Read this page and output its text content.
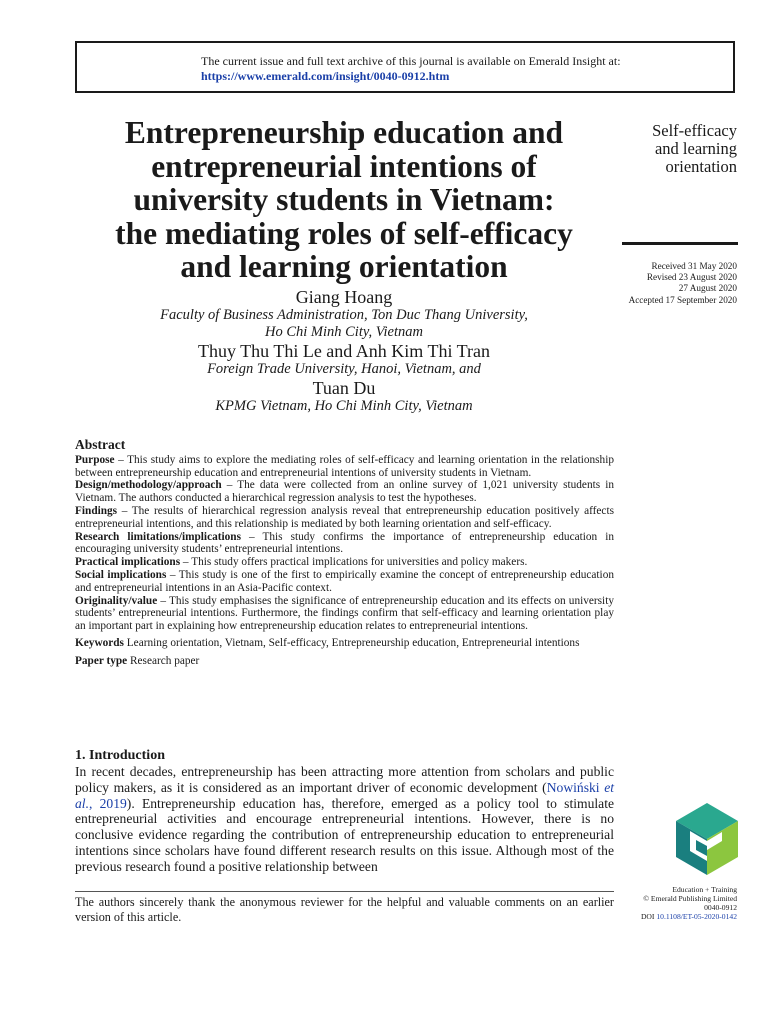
The current issue and full text archive of this journal is available on Emerald Insight at:
https://www.emerald.com/insight/0040-0912.htm
Self-efficacy
and learning
orientation
Received 31 May 2020
Revised 23 August 2020
27 August 2020
Accepted 17 September 2020
Entrepreneurship education and
entrepreneurial intentions of
university students in Vietnam:
the mediating roles of self-efficacy
and learning orientation
Giang Hoang
Faculty of Business Administration, Ton Duc Thang University,
Ho Chi Minh City, Vietnam
Thuy Thu Thi Le and Anh Kim Thi Tran
Foreign Trade University, Hanoi, Vietnam, and
Tuan Du
KPMG Vietnam, Ho Chi Minh City, Vietnam
Abstract

Purpose – This study aims to explore the mediating roles of self-efficacy and learning orientation in the relationship between entrepreneurship education and entrepreneurial intentions of university students in Vietnam.

Design/methodology/approach – The data were collected from an online survey of 1,021 university students in Vietnam. The authors conducted a hierarchical regression analysis to test the hypotheses.

Findings – The results of hierarchical regression analysis reveal that entrepreneurship education positively affects entrepreneurial intentions, and this relationship is mediated by both learning orientation and self-efficacy.

Research limitations/implications – This study confirms the importance of entrepreneurship education in encouraging university students’ entrepreneurial intentions.

Practical implications – This study offers practical implications for universities and policy makers.

Social implications – This study is one of the first to empirically examine the concept of entrepreneurship education and entrepreneurial intentions in an Asia-Pacific context.

Originality/value – This study emphasises the significance of entrepreneurship education and its effects on university students’ entrepreneurial intentions. Furthermore, the findings confirm that self-efficacy and learning orientation play an important part in explaining how entrepreneurship education relates to entrepreneurial intentions.

Keywords Learning orientation, Vietnam, Self-efficacy, Entrepreneurship education, Entrepreneurial intentions
Paper type Research paper
1. Introduction

In recent decades, entrepreneurship has been attracting more attention from scholars and public policy makers, as it is considered as an important driver of economic development (Nowiński et al., 2019). Entrepreneurship education has, therefore, emerged as a policy tool to stimulate entrepreneurial activities and encourage entrepreneurial intentions. However, there is no conclusive evidence regarding the contribution of entrepreneurship education to entrepreneurial intentions since scholars have found different research results on this issue. Although most of the previous research found a positive relationship between

The authors sincerely thank the anonymous reviewer for the helpful and valuable comments on an earlier version of this article.
Education + Training
© Emerald Publishing Limited
0040-0912
DOI 10.1108/ET-05-2020-0142
